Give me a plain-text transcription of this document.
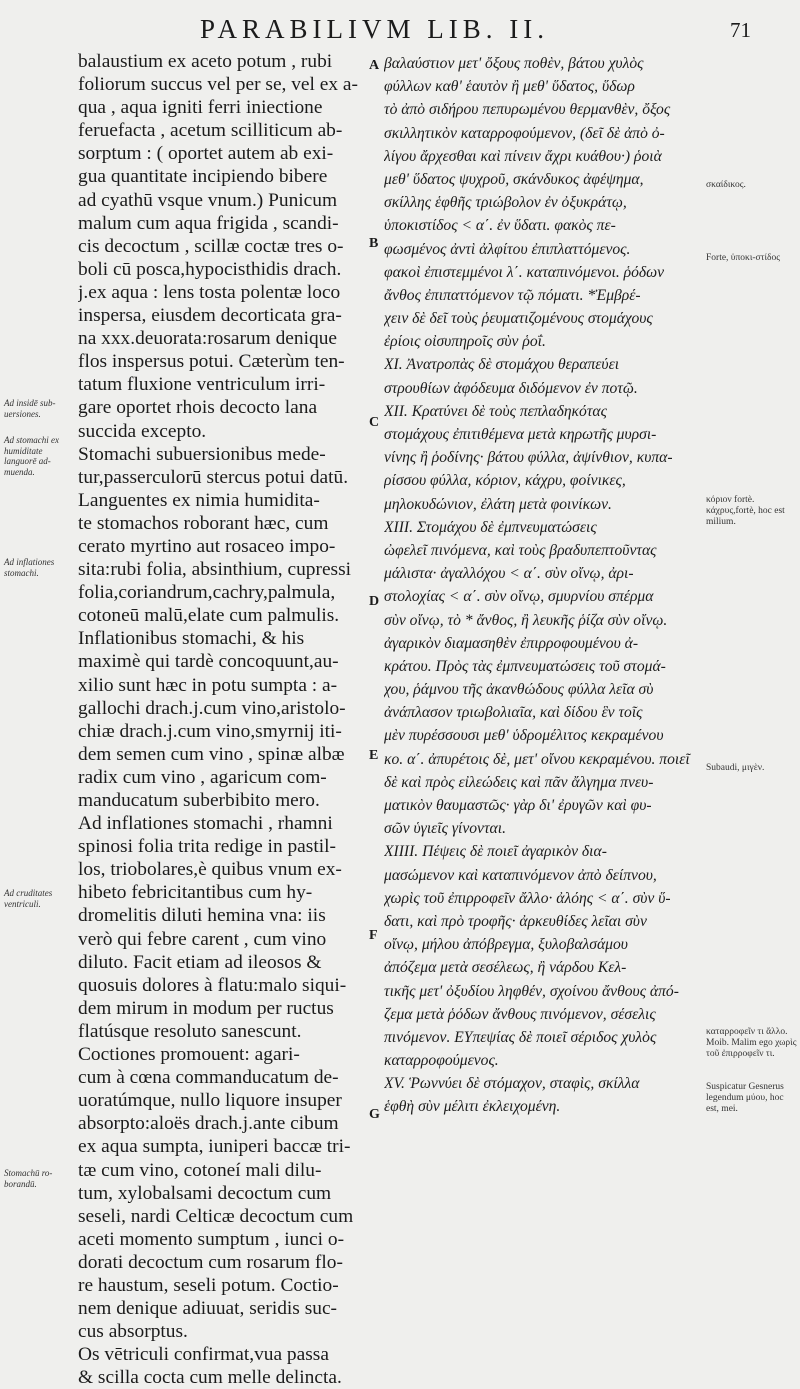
PARABILIVM LIB. II.	71
balaustium ex aceto potum , rubi
foliorum succus vel per se, vel ex a-
qua , aqua igniti ferri iniectione
feruefacta , acetum scilliticum ab-
sorptum : ( oportet autem ab exi-
gua quantitate incipiendo bibere
ad cyathū vsque vnum.) Punicum
malum cum aqua frigida , scandi-
cis decoctum , scillæ coctæ tres o-
boli cū posca,hypocisthidis drach.
j.ex aqua : lens tosta polentæ loco
inspersa, eiusdem decorticata gra-
na xxx.deuorata:rosarum denique
flos inspersus potui. Cæterùm ten-
tatum fluxione ventriculum irri-
gare oportet rhois decocto lana
succida excepto.
Stomachi subuersionibus mede-
tur,passerculorū stercus potui datū.
Languentes ex nimia humidita-
te stomachos roborant hæc, cum
cerato myrtino aut rosaceo impo-
sita:rubi folia, absinthium, cupressi
folia,coriandrum,cachry,palmula,
cotoneū malū,elate cum palmulis.
Inflationibus stomachi, & his
maximè qui tardè concoquunt,au-
xilio sunt hæc in potu sumpta : a-
gallochi drach.j.cum vino,aristolo-
chiæ drach.j.cum vino,smyrnij iti-
dem semen cum vino , spinæ albæ
radix cum vino , agaricum com-
manducatum suberbibito mero.
Ad inflationes stomachi , rhamni
spinosi folia trita redige in pastil-
los, triobolares,è quibus vnum ex-
hibeto febricitantibus cum hy-
dromelitis diluti hemina vna: iis
verò qui febre carent , cum vino
diluto. Facit etiam ad ileosos &
quosuis dolores à flatu:malo siqui-
dem mirum in modum per ructus
flatúsque resoluto sanescunt.
Coctiones promouent: agari-
cum à cœna commanducatum de-
uoratúmque, nullo liquore insuper
absorpto:aloës drach.j.ante cibum
ex aqua sumpta, iuniperi baccæ tri-
tæ cum vino, cotoneí mali dilu-
tum, xylobalsami decoctum cum
seseli, nardi Celticæ decoctum cum
aceti momento sumptum , iunci o-
dorati decoctum cum rosarum flo-
re haustum, seseli potum. Coctio-
nem denique adiuuat, seridis suc-
cus absorptus.
Os vētriculi confirmat,vua passa
& scilla cocta cum melle delincta.
βαλαύστιον μετ' ὄξους ποθὲν, βάτου χυλὸς
φύλλων καθ' ἑαυτὸν ἢ μεθ' ὕδατος, ὕδωρ
τὸ ἀπὸ σιδήρου πεπυρωμένου θερμανθὲν, ὄξος
σκιλλητικὸν καταρροφούμενον, (δεῖ δὲ ἀπὸ ὀ-
λίγου ἄρχεσθαι καὶ πίνειν ἄχρι κυάθου·) ῥοιὰ
μεθ' ὕδατος ψυχροῦ, σκάνδυκος ἀφέψημα,
σκίλλης ἑφθῆς τριώβολον ἐν ὀξυκράτῳ,
ὑποκιστίδος < α΄. ἐν ὕδατι. φακὸς πε-
φωσμένος ἀντὶ ἀλφίτου ἐπιπλαττόμενος.
φακοὶ ἐπιστεμμένοι λ΄. καταπινόμενοι. ῥόδων
ἄνθος ἐπιπαττόμενον τῷ πόματι. *Ἐμβρέ-
χειν δὲ δεῖ τοὺς ῥευματιζομένους στομάχους
ἐρίοις οἰσυπηροῖς σὺν ῥοΐ.
ΧΙ. Ἀνατροπὰς δὲ στομάχου θεραπεύει
στρουθίων ἀφόδευμα διδόμενον ἐν ποτῷ.
ΧΙΙ. Κρατύνει δὲ τοὺς πεπλαδηκότας
στομάχους ἐπιτιθέμενα μετὰ κηρωτῆς μυρσι-
νίνης ἢ ῥοδίνης· βάτου φύλλα, ἀψίνθιον, κυπα-
ρίσσου φύλλα, κόριον, κάχρυ, φοίνικες,
μηλοκυδώνιον, ἐλάτη μετὰ φοινίκων.
ΧΙΙΙ. Στομάχου δὲ ἐμπνευματώσεις
ὠφελεῖ πινόμενα, καὶ τοὺς βραδυπεπτοῦντας
μάλιστα· ἀγαλλόχου < α΄. σὺν οἴνῳ, ἀρι-
στολοχίας < α΄. σὺν οἴνῳ, σμυρνίου σπέρμα
σὺν οἴνῳ, τὸ * ἄνθος, ἢ λευκῆς ῥίζα σὺν οἴνῳ.
ἀγαρικὸν διαμασηθὲν ἐπιρροφουμένου ἀ-
κράτου. Πρὸς τὰς ἐμπνευματώσεις τοῦ στομά-
χου, ῥάμνου τῆς ἀκανθώδους φύλλα λεῖα σὺ
ἀνάπλασον τριωβολιαῖα, καὶ δίδου ἓν τοῖς
μὲν πυρέσσουσι μεθ' ὑδρομέλιτος κεκραμένου
κο. α΄. ἀπυρέτοις δὲ, μετ' οἴνου κεκραμένου. ποιεῖ
δὲ καὶ πρὸς εἰλεώδεις καὶ πᾶν ἄλγημα πνευ-
ματικὸν θαυμαστῶς· γὰρ δι' ἐρυγῶν καὶ φυ-
σῶν ὑγιεῖς γίνονται.
ΧΙΙΙΙ. Πέψεις δὲ ποιεῖ ἀγαρικὸν δια-
μασώμενον καὶ καταπινόμενον ἀπὸ δείπνου,
χωρὶς τοῦ ἐπιρροφεῖν ἄλλο· ἀλόης < α΄. σὺν ὕ-
δατι, καὶ πρὸ τροφῆς· ἀρκευθίδες λεῖαι σὺν
οἴνῳ, μήλου ἀπόβρεγμα, ξυλοβαλσάμου
ἀπόζεμα μετὰ σεσέλεως, ἢ νάρδου Κελ-
τικῆς μετ' ὀξυδίου ληφθέν, σχοίνου ἄνθους ἀπό-
ζεμα μετὰ ῥόδων ἄνθους πινόμενον, σέσελις
πινόμενον. ΕΥπεψίας δὲ ποιεῖ σέριδος χυλὸς
καταρροφούμενος.
ΧV. Ῥωννύει δὲ στόμαχον, σταφὶς, σκίλλα
ἑφθὴ σὺν μέλιτι ἐκλειχομένη.
Ad insidē sub-uersiones.
Ad stomachi ex humiditate languorē ad-muenda.
Ad inflationes stomachi.
Ad cruditates ventriculi.
Stomachū ro-borandū.
σκαίδικος.
Forte, ὑποκι-στίδος
κόριον fortè. κάχρυς,fortè, hoc est milium.
Subaudi, μιγὲν.
καταρροφεῖν τι ἄλλο. Moib. Malim ego χωρὶς τοῦ ἐπιρροφεῖν τι.
Suspicatur Gesnerus legendum μύου, hoc est, mei.
A
B
C
D
E
F
G
